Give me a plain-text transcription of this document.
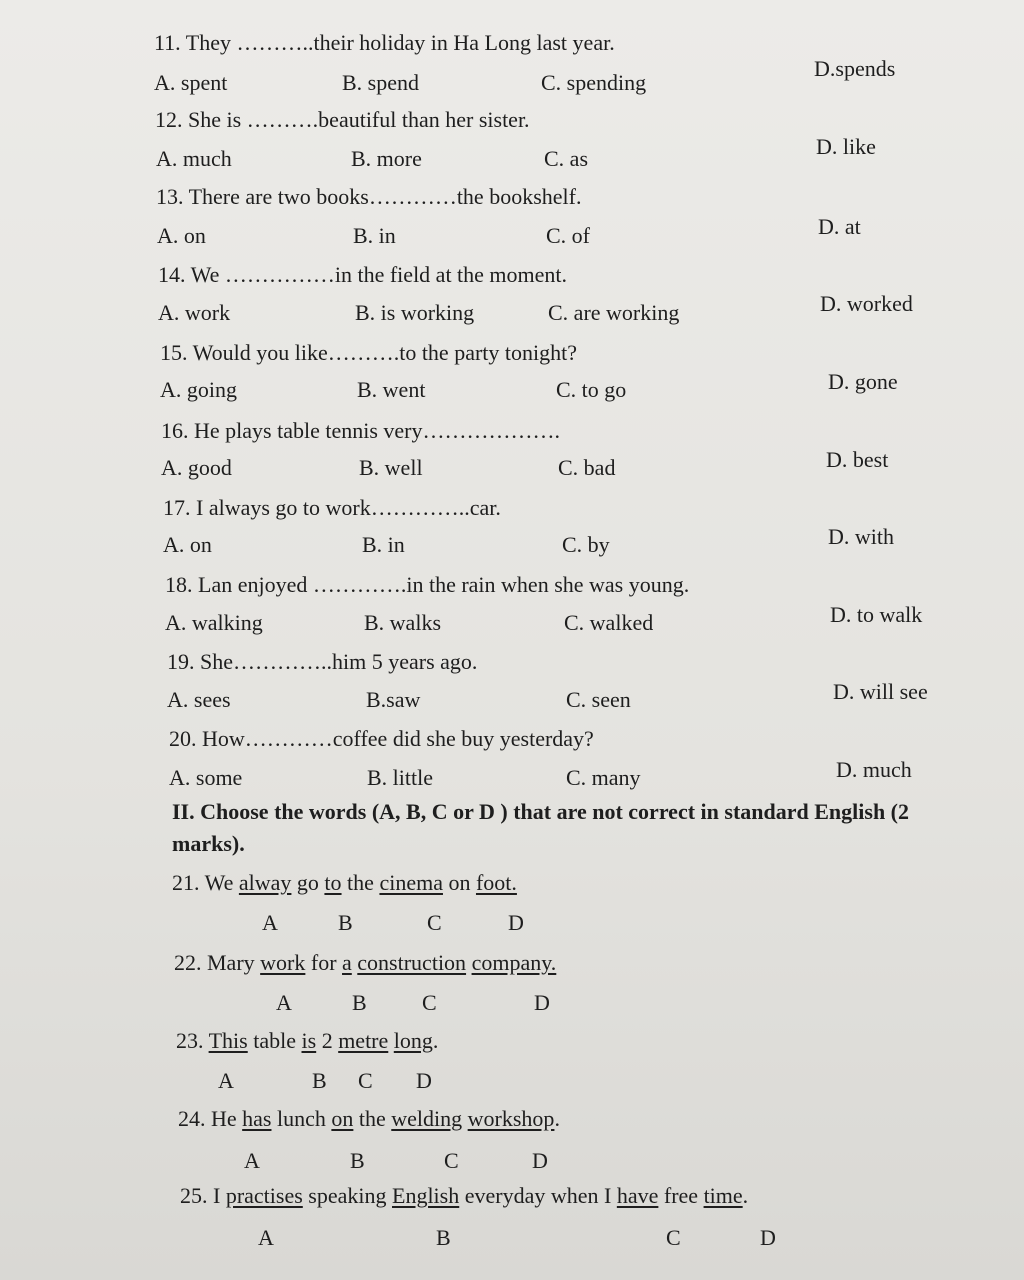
11. They ………..their holiday in Ha Long last year.
A. spent	B. spend	C. spending
D.spends
12. She is ……….beautiful than her sister.
A. much	B. more	C. as	D. like
13. There are two books…………the bookshelf.
A. on	B. in	C. of	D. at
14. We ……………in the field at the moment.
A. work	B. is working	C. are working	D. worked
15. Would you like……….to the party tonight?
A. going	B. went	C. to go	D. gone
16. He plays table tennis very……………….
A. good	B. well	C. bad	D. best
17. I always go to work…………..car.
A. on	B. in	C. by	D. with
18. Lan enjoyed ………….in the rain when she was young.
A. walking	B. walks	C. walked	D. to walk
19. She…………..him 5 years ago.
A. sees	B.saw	C. seen	D. will see
20. How…………coffee did she buy yesterday?
A. some	B. little	C. many	D. much
II. Choose the words (A, B, C or D ) that are not correct in standard English (2 marks).
21. We alway go to the cinema on foot.
A	B	C	D
22. Mary work for a construction company.
A	B	C	D
23. This table is 2 metre long.
A	B C D
24. He has lunch on the welding workshop.
A	B	C	D
25. I practises speaking English everyday when I have free time.
A	B	C	D
